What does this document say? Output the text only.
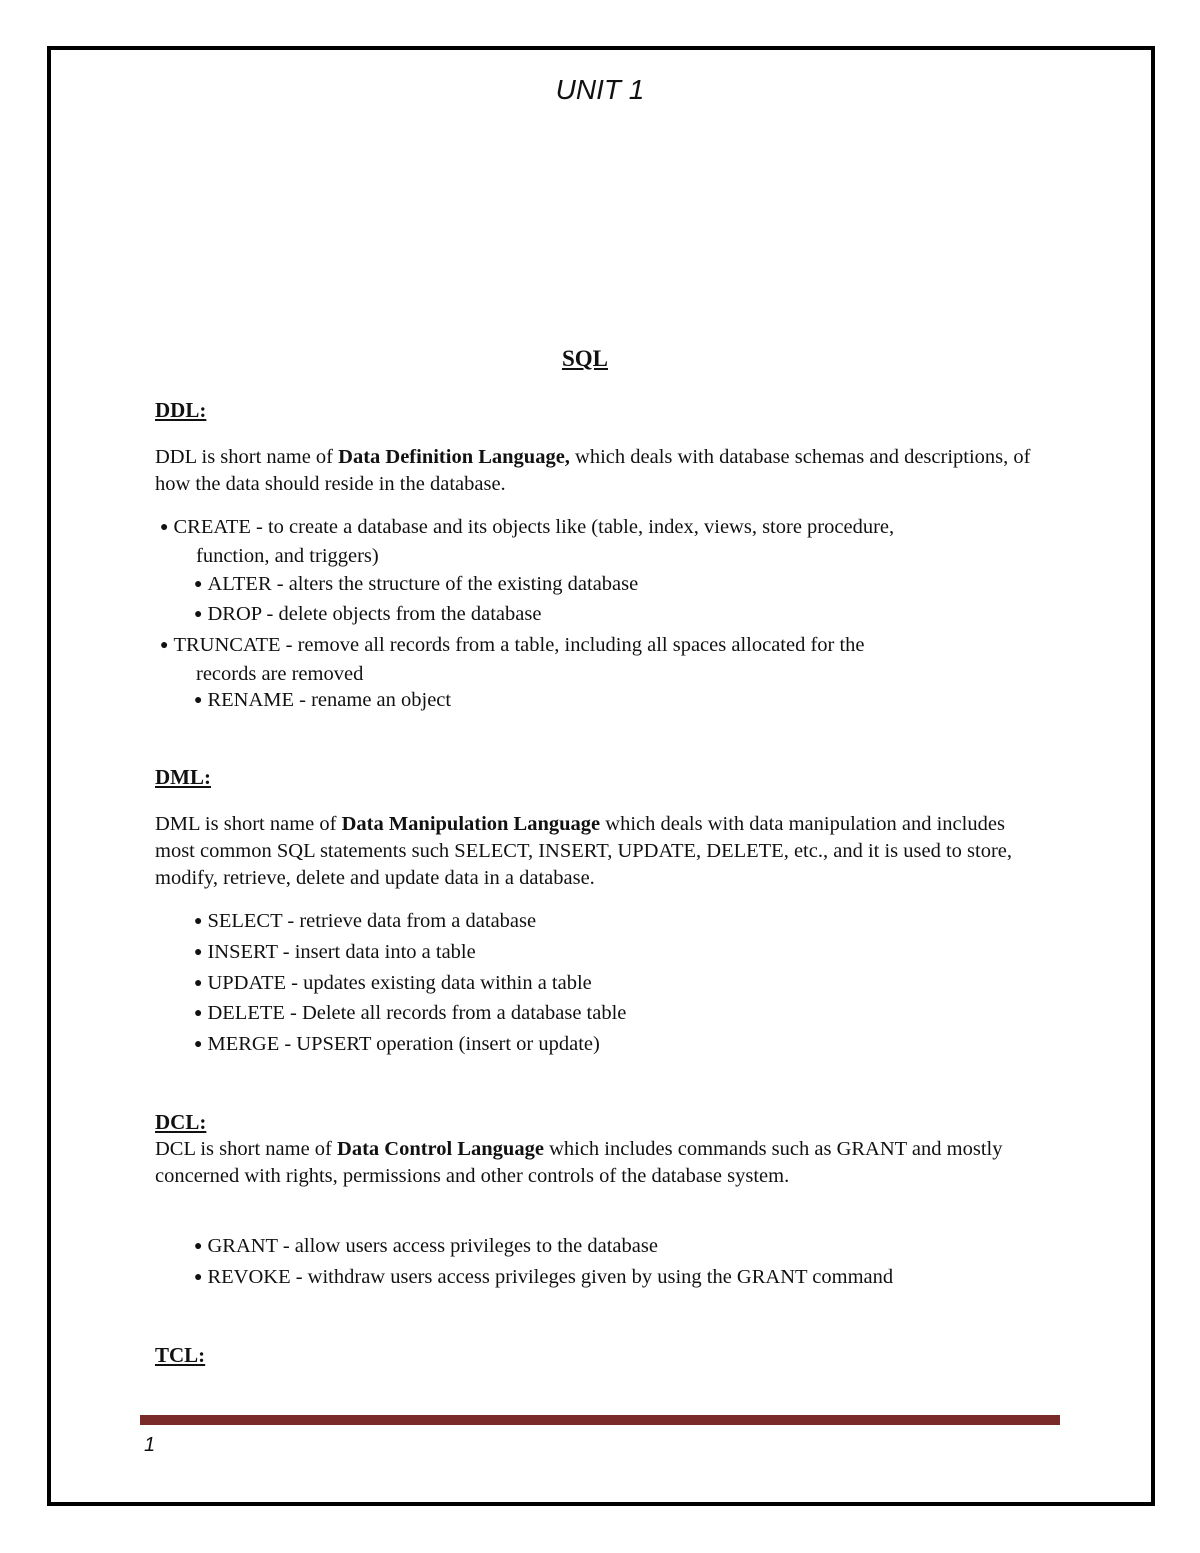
UNIT 1
SQL
DDL:
DDL is short name of Data Definition Language, which deals with database schemas and descriptions, of how the data should reside in the database.
● CREATE - to create a database and its objects like (table, index, views, store procedure,
function, and triggers)
● ALTER - alters the structure of the existing database
● DROP - delete objects from the database
● TRUNCATE - remove all records from a table, including all spaces allocated for the
records are removed
● RENAME - rename an object
DML:
DML is short name of Data Manipulation Language which deals with data manipulation and includes most common SQL statements such SELECT, INSERT, UPDATE, DELETE, etc., and it is used to store, modify, retrieve, delete and update data in a database.
● SELECT - retrieve data from a database
● INSERT - insert data into a table
● UPDATE - updates existing data within a table
● DELETE - Delete all records from a database table
● MERGE - UPSERT operation (insert or update)
DCL:
DCL is short name of Data Control Language which includes commands such as GRANT and mostly concerned with rights, permissions and other controls of the database system.
● GRANT - allow users access privileges to the database
● REVOKE - withdraw users access privileges given by using the GRANT command
TCL:
1
